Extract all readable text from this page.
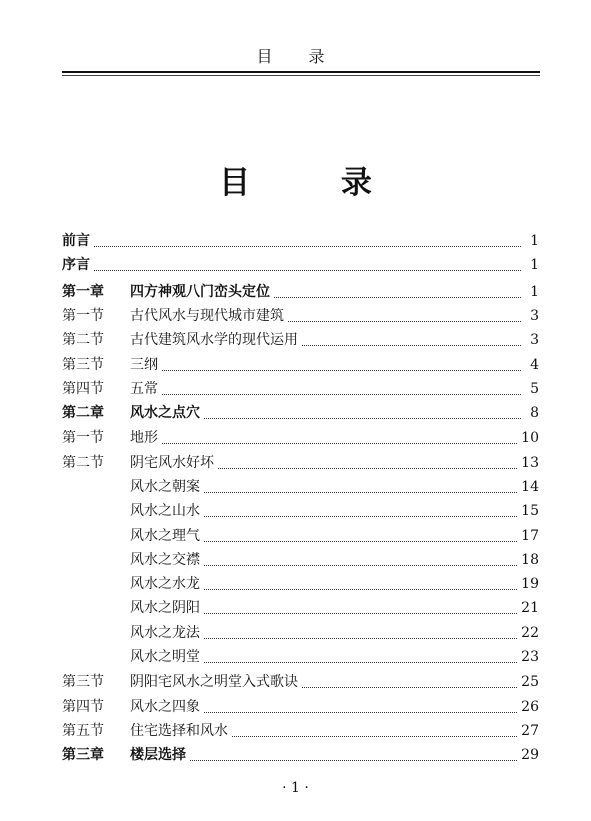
目　录
目 录
前言	1
序言	1
第一章 四方神观八门峦头定位	1
第一节 古代风水与现代城市建筑	3
第二节 古代建筑风水学的现代运用	3
第三节 三纲	4
第四节 五常	5
第二章 风水之点穴	8
第一节 地形	10
第二节 阴宅风水好坏	13
风水之朝案	14
风水之山水	15
风水之理气	17
风水之交襟	18
风水之水龙	19
风水之阴阳	21
风水之龙法	22
风水之明堂	23
第三节 阴阳宅风水之明堂入式歌诀	25
第四节 风水之四象	26
第五节 住宅选择和风水	27
第三章 楼层选择	29
· 1 ·
